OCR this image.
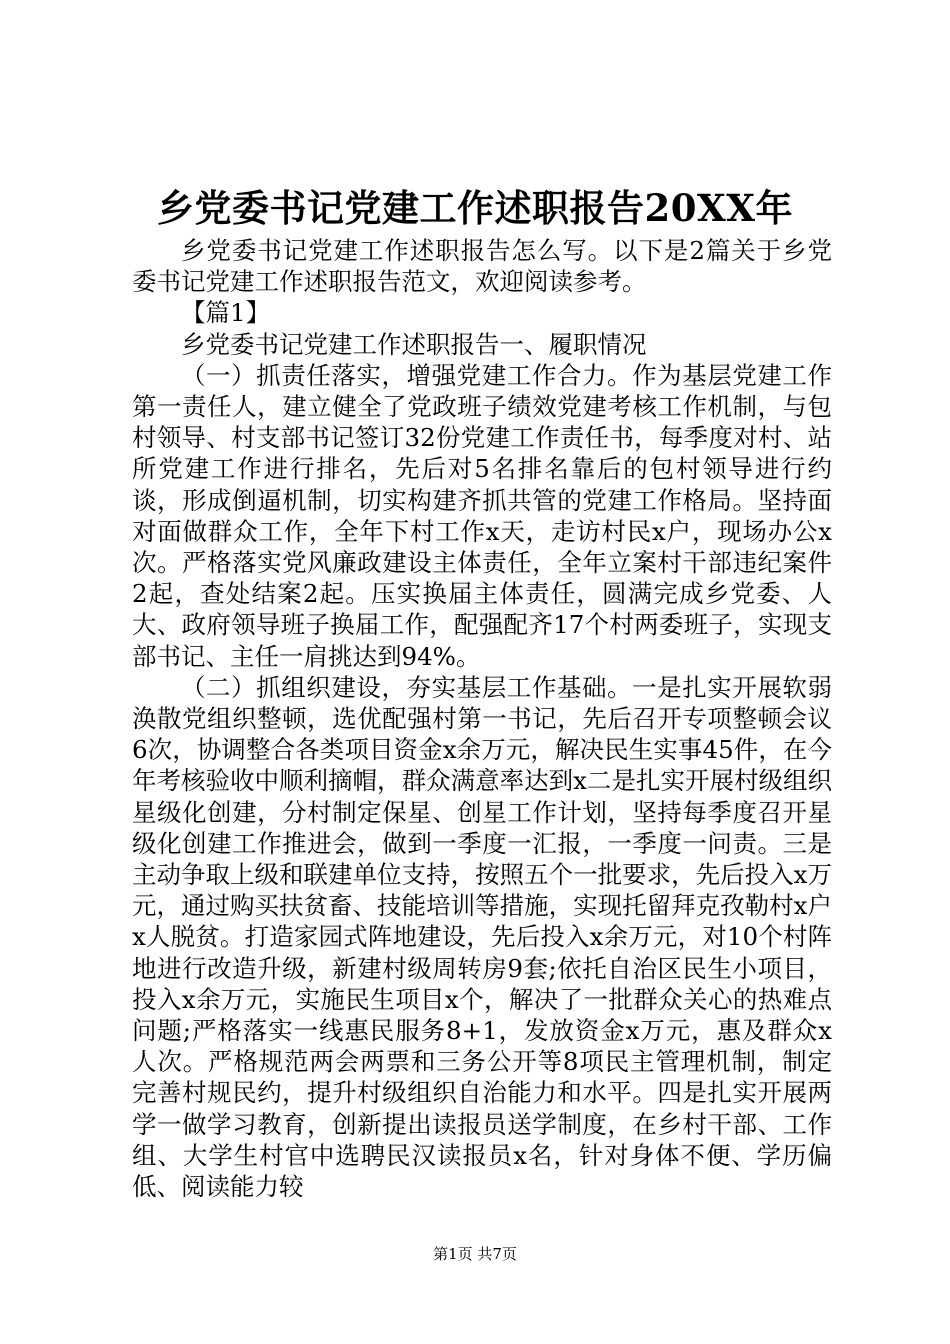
乡党委书记党建工作述职报告20XX年

乡党委书记党建工作述职报告怎么写。以下是2篇关于乡党委书记党建工作述职报告范文，欢迎阅读参考。

【篇1】

乡党委书记党建工作述职报告一、履职情况

（一）抓责任落实，增强党建工作合力。作为基层党建工作第一责任人，建立健全了党政班子绩效党建考核工作机制，与包村领导、村支部书记签订32份党建工作责任书，每季度对村、站所党建工作进行排名，先后对5名排名靠后的包村领导进行约谈，形成倒逼机制，切实构建齐抓共管的党建工作格局。坚持面对面做群众工作，全年下村工作x天，走访村民x户，现场办公x次。严格落实党风廉政建设主体责任，全年立案村干部违纪案件2起，查处结案2起。压实换届主体责任，圆满完成乡党委、人大、政府领导班子换届工作，配强配齐17个村两委班子，实现支部书记、主任一肩挑达到94%。

（二）抓组织建设，夯实基层工作基础。一是扎实开展软弱涣散党组织整顿，选优配强村第一书记，先后召开专项整顿会议6次，协调整合各类项目资金x余万元，解决民生实事45件，在今年考核验收中顺利摘帽，群众满意率达到x二是扎实开展村级组织星级化创建，分村制定保星、创星工作计划，坚持每季度召开星级化创建工作推进会，做到一季度一汇报，一季度一问责。三是主动争取上级和联建单位支持，按照五个一批要求，先后投入x万元，通过购买扶贫畜、技能培训等措施，实现托留拜克孜勒村x户x人脱贫。打造家园式阵地建设，先后投入x余万元，对10个村阵地进行改造升级，新建村级周转房9套;依托自治区民生小项目，投入x余万元，实施民生项目x个，解决了一批群众关心的热难点问题;严格落实一线惠民服务8+1，发放资金x万元，惠及群众x人次。严格规范两会两票和三务公开等8项民主管理机制，制定完善村规民约，提升村级组织自治能力和水平。四是扎实开展两学一做学习教育，创新提出读报员送学制度，在乡村干部、工作组、大学生村官中选聘民汉读报员x名，针对身体不便、学历偏低、阅读能力较

第1页 共7页
